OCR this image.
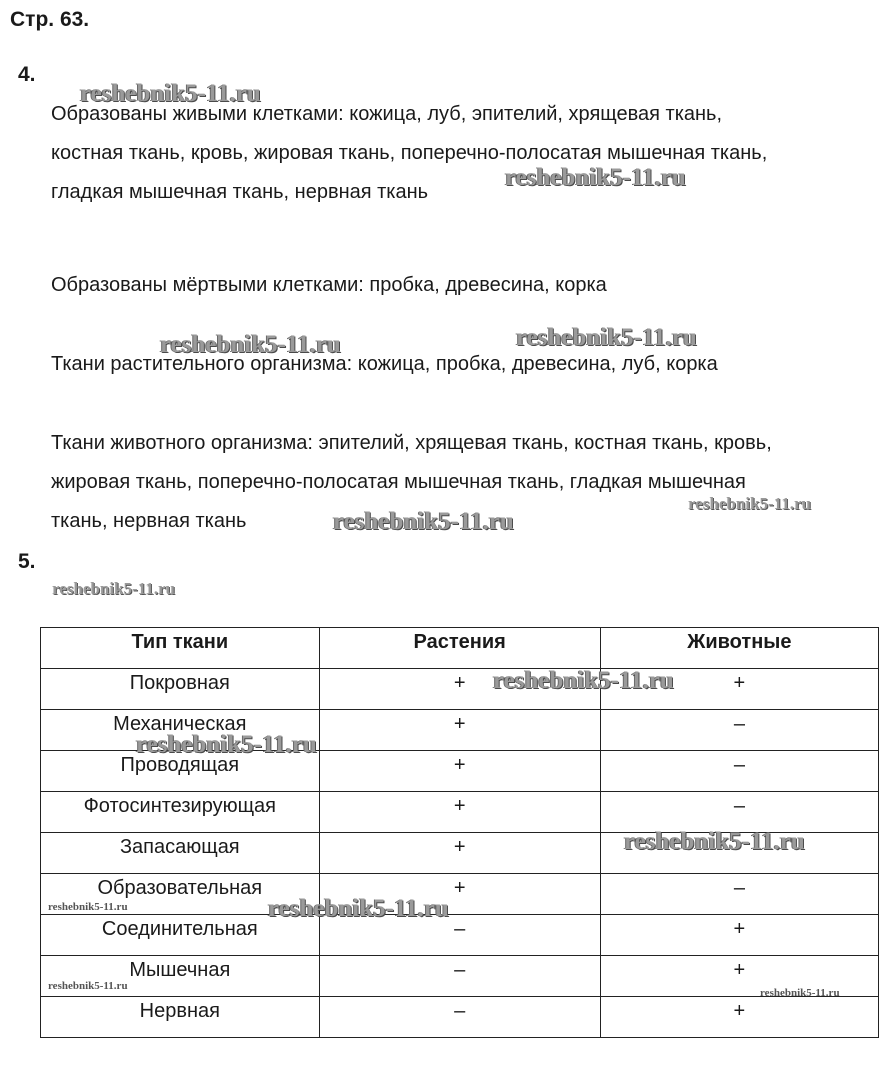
Стр. 63.
4.

Образованы живыми клетками: кожица, луб, эпителий, хрящевая ткань,
костная ткань, кровь, жировая ткань, поперечно-полосатая мышечная ткань,
гладкая мышечная ткань, нервная ткань

Образованы мёртвыми клетками: пробка, древесина, корка

Ткани растительного организма: кожица, пробка, древесина, луб, корка

Ткани животного организма: эпителий, хрящевая ткань, костная ткань, кровь,
жировая ткань, поперечно-полосатая мышечная ткань, гладкая мышечная
ткань, нервная ткань

5.
Тип ткани	Растения	Животные
Покровная	+	+
Механическая	+	–
Проводящая	+	–
Фотосинтезирующая	+	–
Запасающая	+	
Образовательная	+	–
Соединительная	–	+
Мышечная	–	+
Нервная	–	+
reshebnik5-11.ru
reshebnik5-11.ru
reshebnik5-11.ru	reshebnik5-11.ru
reshebnik5-11.ru
reshebnik5-11.ru
reshebnik5-11.ru
reshebnik5-11.ru
reshebnik5-11.ru
reshebnik5-11.ru
reshebnik5-11.ru
reshebnik5-11.ru
reshebnik5-11.ru
reshebnik5-11.ru
